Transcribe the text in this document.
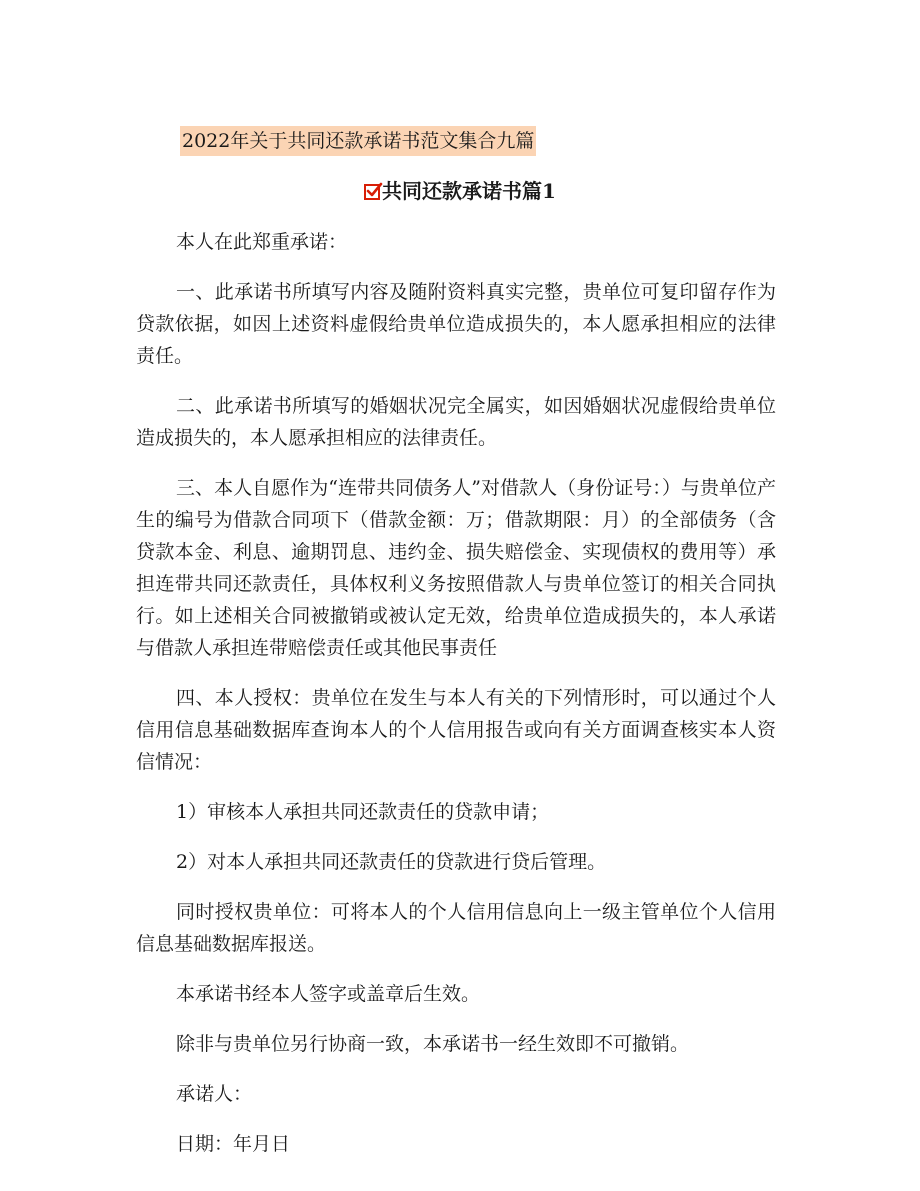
2022年关于共同还款承诺书范文集合九篇
共同还款承诺书篇1

本人在此郑重承诺：

一、此承诺书所填写内容及随附资料真实完整，贵单位可复印留存作为贷款依据，如因上述资料虚假给贵单位造成损失的，本人愿承担相应的法律责任。

二、此承诺书所填写的婚姻状况完全属实，如因婚姻状况虚假给贵单位造成损失的，本人愿承担相应的法律责任。

三、本人自愿作为“连带共同债务人”对借款人（身份证号：）与贵单位产生的编号为借款合同项下（借款金额：万；借款期限：月）的全部债务（含贷款本金、利息、逾期罚息、违约金、损失赔偿金、实现债权的费用等）承担连带共同还款责任，具体权利义务按照借款人与贵单位签订的相关合同执行。如上述相关合同被撤销或被认定无效，给贵单位造成损失的，本人承诺与借款人承担连带赔偿责任或其他民事责任

四、本人授权：贵单位在发生与本人有关的下列情形时，可以通过个人信用信息基础数据库查询本人的个人信用报告或向有关方面调查核实本人资信情况：

1）审核本人承担共同还款责任的贷款申请；

2）对本人承担共同还款责任的贷款进行贷后管理。

同时授权贵单位：可将本人的个人信用信息向上一级主管单位个人信用信息基础数据库报送。

本承诺书经本人签字或盖章后生效。

除非与贵单位另行协商一致，本承诺书一经生效即不可撤销。

承诺人：

日期：年月日
